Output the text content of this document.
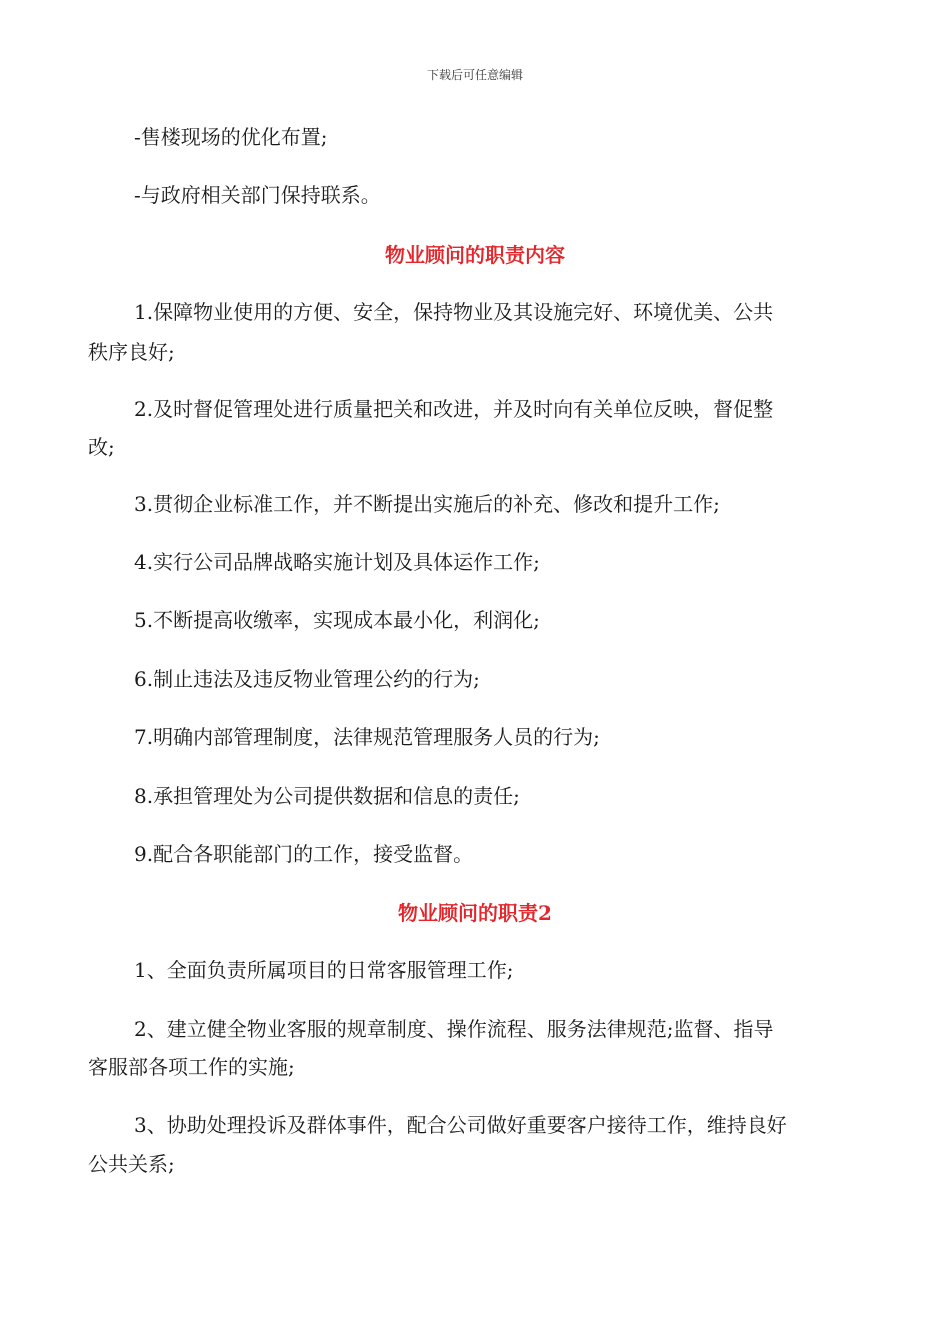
下载后可任意编辑
-售楼现场的优化布置;
-与政府相关部门保持联系。
物业顾问的职责内容
1.保障物业使用的方便、安全，保持物业及其设施完好、环境优美、公共
秩序良好;
2.及时督促管理处进行质量把关和改进，并及时向有关单位反映，督促整
改;
3.贯彻企业标准工作，并不断提出实施后的补充、修改和提升工作;
4.实行公司品牌战略实施计划及具体运作工作;
5.不断提高收缴率，实现成本最小化，利润化;
6.制止违法及违反物业管理公约的行为;
7.明确内部管理制度，法律规范管理服务人员的行为;
8.承担管理处为公司提供数据和信息的责任;
9.配合各职能部门的工作，接受监督。
物业顾问的职责2
1、全面负责所属项目的日常客服管理工作;
2、建立健全物业客服的规章制度、操作流程、服务法律规范;监督、指导
客服部各项工作的实施;
3、协助处理投诉及群体事件，配合公司做好重要客户接待工作，维持良好
公共关系;
